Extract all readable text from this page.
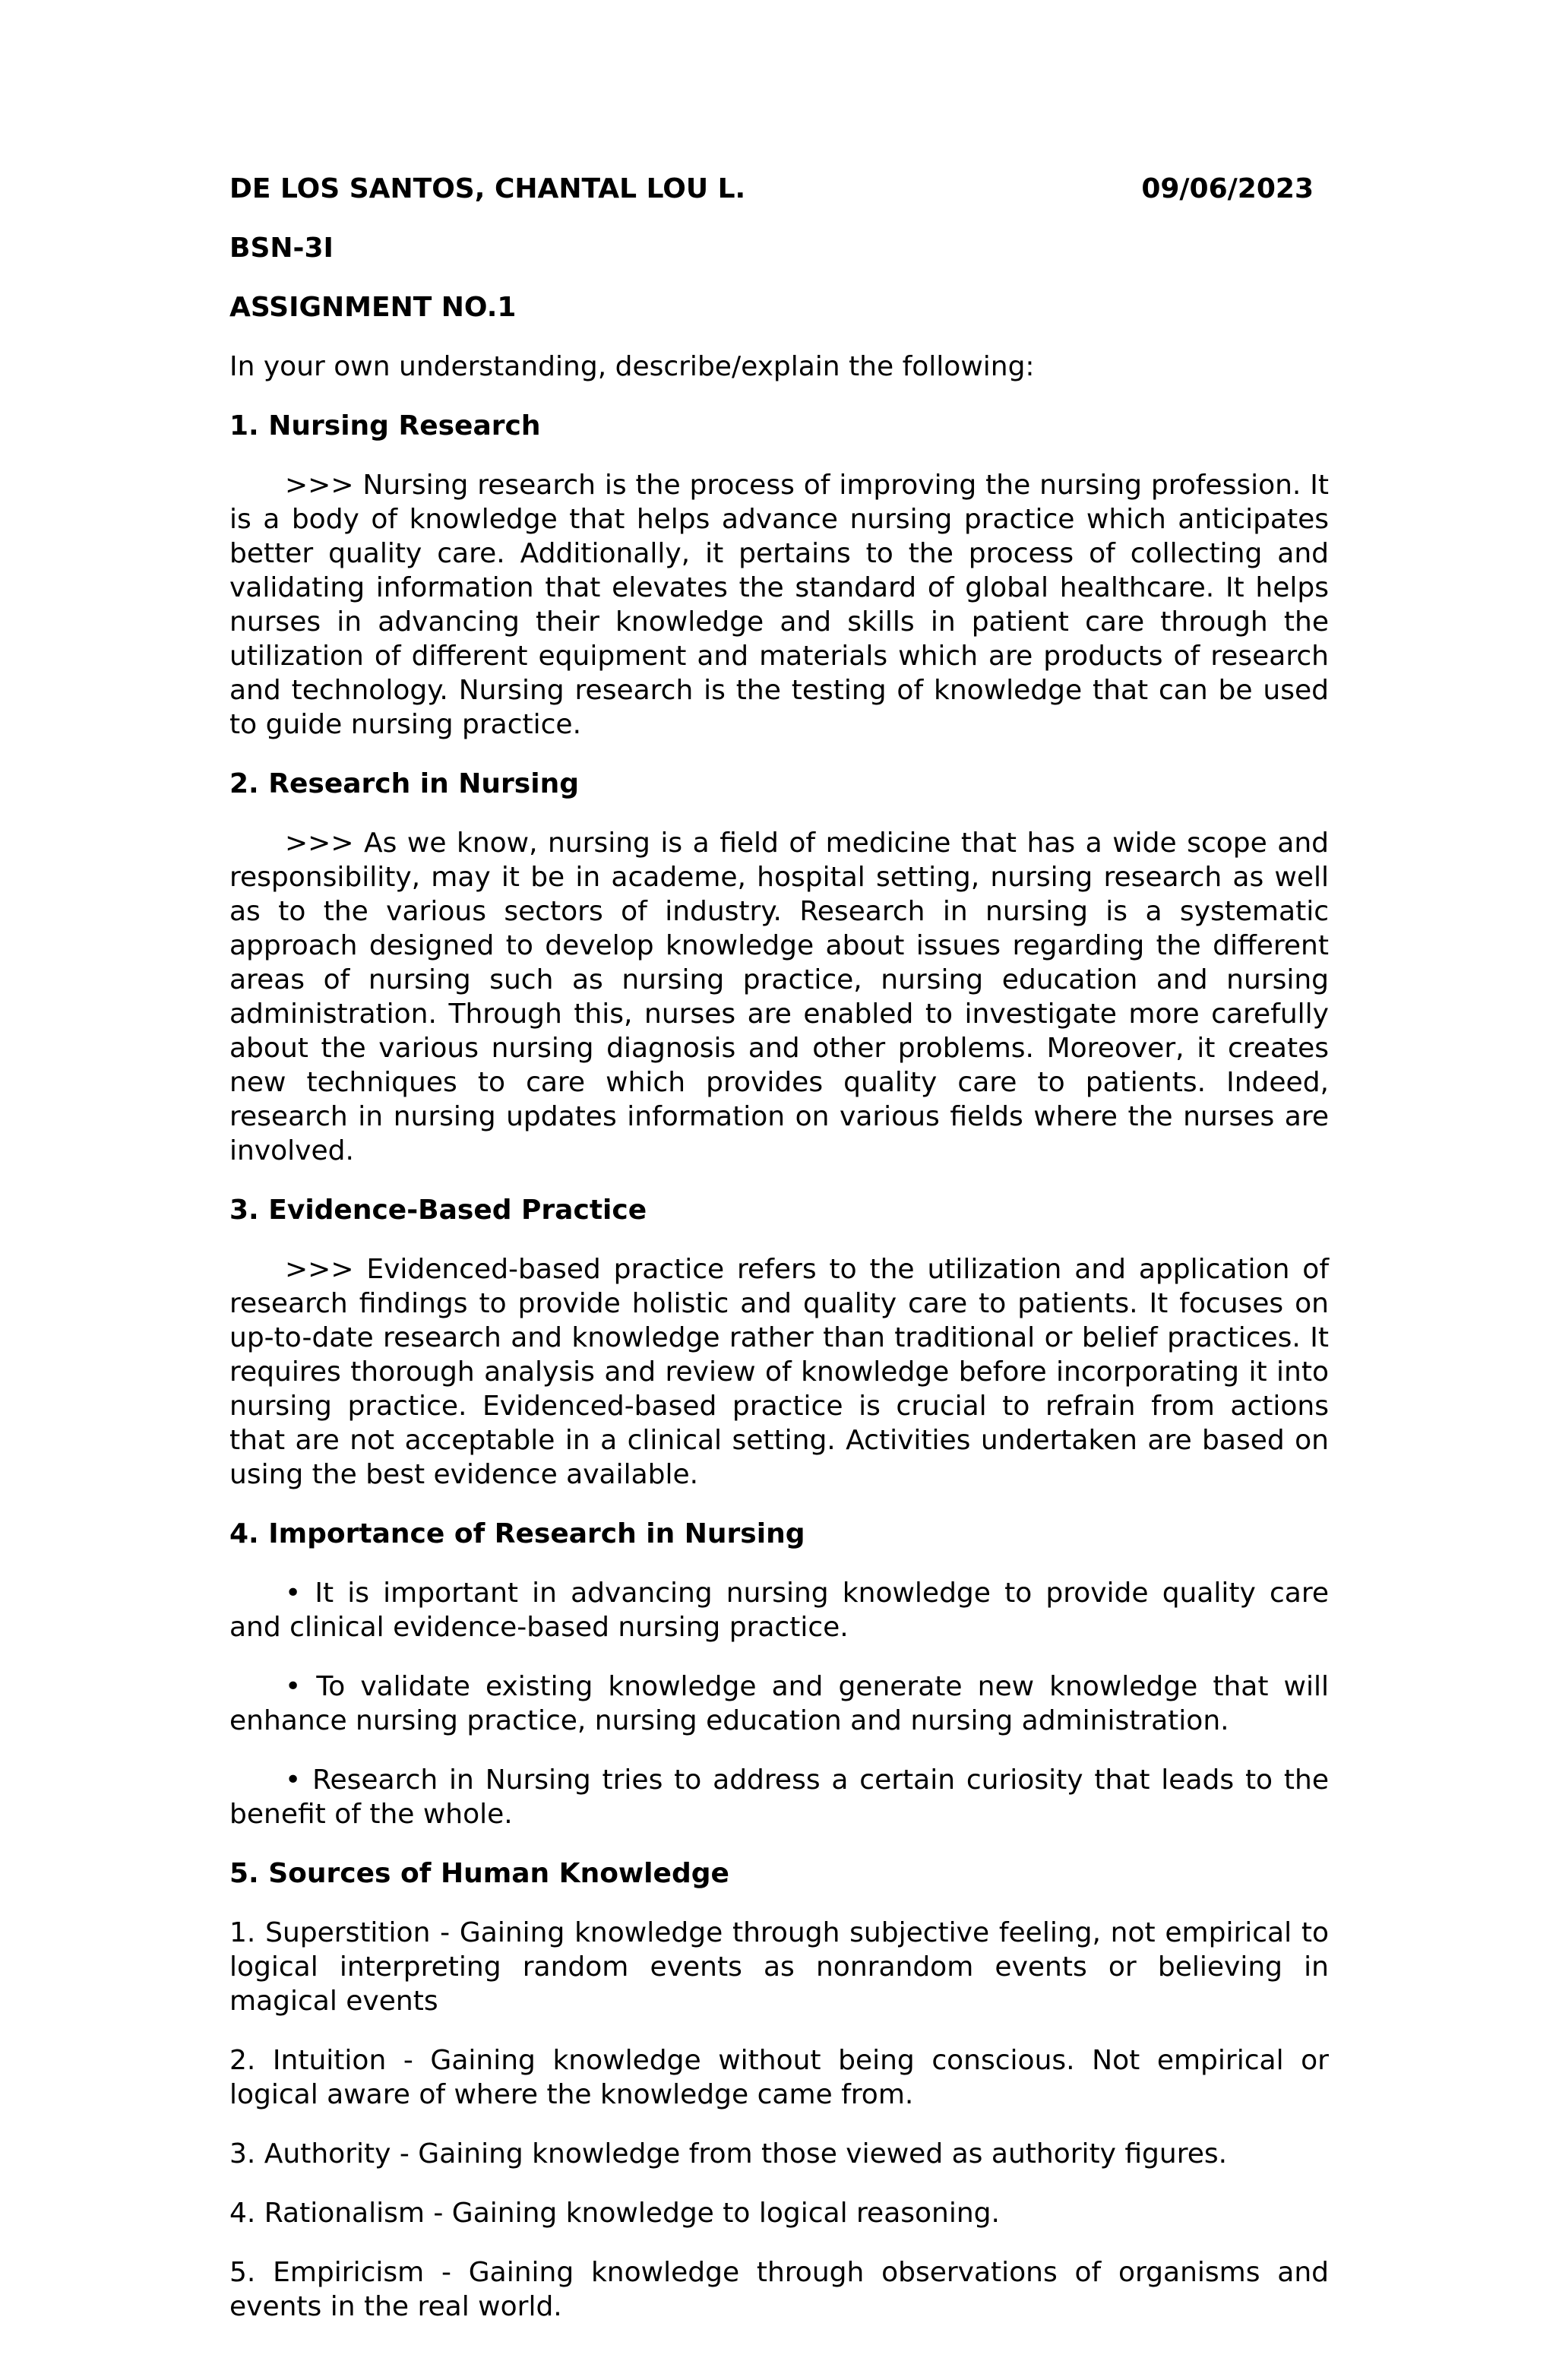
DE LOS SANTOS, CHANTAL LOU L.	09/06/2023

BSN-3I

ASSIGNMENT NO.1

In your own understanding, describe/explain the following:

1. Nursing Research

>>> Nursing research is the process of improving the nursing profession. It is a body of knowledge that helps advance nursing practice which anticipates better quality care. Additionally, it pertains to the process of collecting and validating information that elevates the standard of global healthcare. It helps nurses in advancing their knowledge and skills in patient care through the utilization of different equipment and materials which are products of research and technology. Nursing research is the testing of knowledge that can be used to guide nursing practice.

2. Research in Nursing

>>> As we know, nursing is a field of medicine that has a wide scope and responsibility, may it be in academe, hospital setting, nursing research as well as to the various sectors of industry. Research in nursing is a systematic approach designed to develop knowledge about issues regarding the different areas of nursing such as nursing practice, nursing education and nursing administration. Through this, nurses are enabled to investigate more carefully about the various nursing diagnosis and other problems. Moreover, it creates new techniques to care which provides quality care to patients. Indeed, research in nursing updates information on various fields where the nurses are involved.

3. Evidence-Based Practice

>>> Evidenced-based practice refers to the utilization and application of research findings to provide holistic and quality care to patients. It focuses on up-to-date research and knowledge rather than traditional or belief practices. It requires thorough analysis and review of knowledge before incorporating it into nursing practice. Evidenced-based practice is crucial to refrain from actions that are not acceptable in a clinical setting. Activities undertaken are based on using the best evidence available.

4. Importance of Research in Nursing

• It is important in advancing nursing knowledge to provide quality care and clinical evidence-based nursing practice.

• To validate existing knowledge and generate new knowledge that will enhance nursing practice, nursing education and nursing administration.

• Research in Nursing tries to address a certain curiosity that leads to the benefit of the whole.

5. Sources of Human Knowledge

1. Superstition - Gaining knowledge through subjective feeling, not empirical to logical interpreting random events as nonrandom events or believing in magical events

2. Intuition - Gaining knowledge without being conscious. Not empirical or logical aware of where the knowledge came from.

3. Authority - Gaining knowledge from those viewed as authority figures.

4. Rationalism - Gaining knowledge to logical reasoning.

5. Empiricism - Gaining knowledge through observations of organisms and events in the real world.
